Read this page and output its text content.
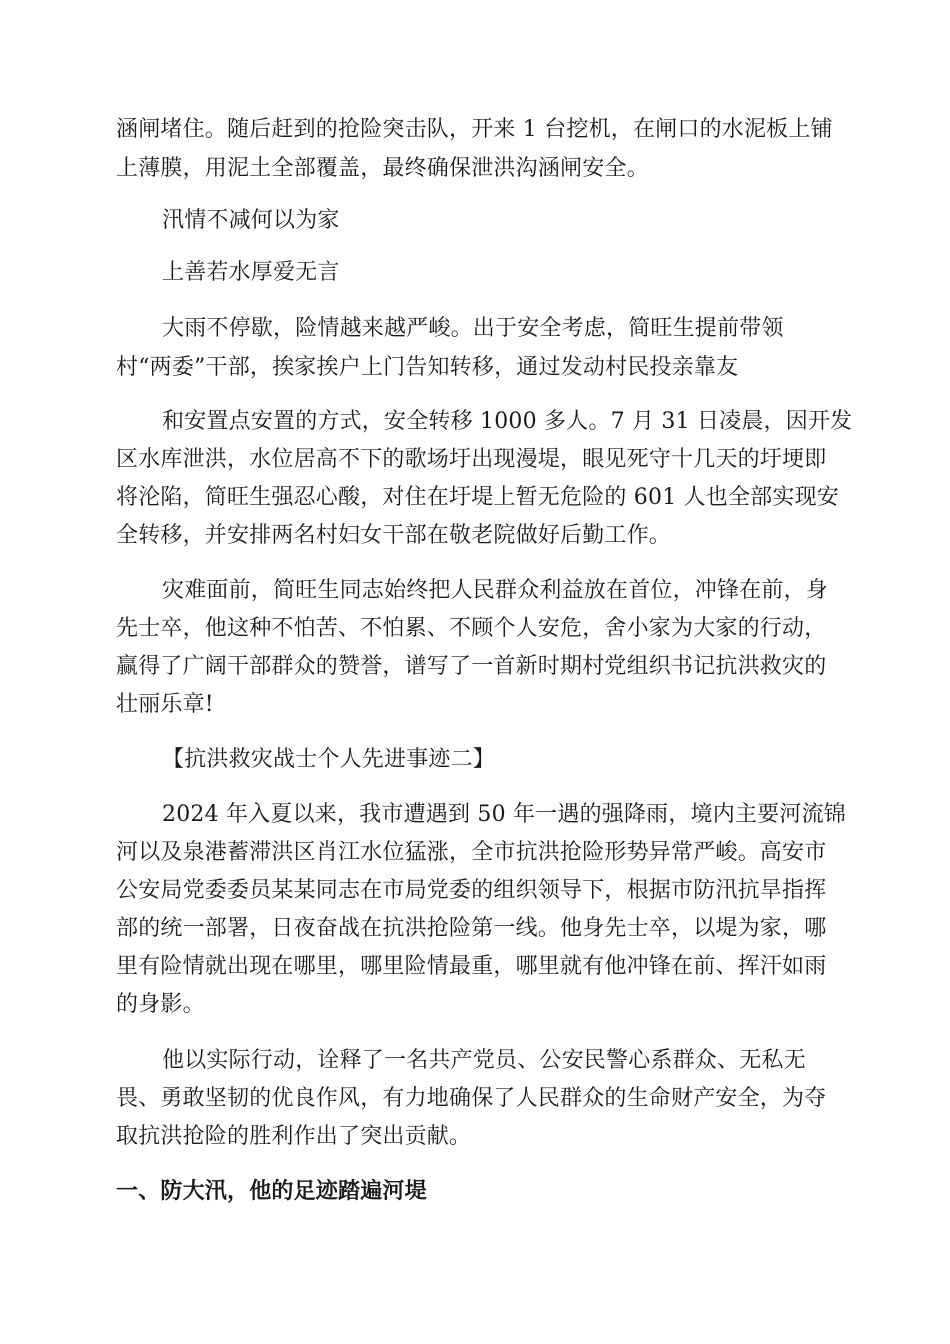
涵闸堵住。随后赶到的抢险突击队，开来 1 台挖机，在闸口的水泥板上铺
上薄膜，用泥土全部覆盖，最终确保泄洪沟涵闸安全。
汛情不减何以为家
上善若水厚爱无言
大雨不停歇，险情越来越严峻。出于安全考虑，简旺生提前带领
村“两委”干部，挨家挨户上门告知转移，通过发动村民投亲靠友
和安置点安置的方式，安全转移 1000 多人。7 月 31 日凌晨，因开发
区水库泄洪，水位居高不下的歌场圩出现漫堤，眼见死守十几天的圩埂即
将沦陷，简旺生强忍心酸，对住在圩堤上暂无危险的 601 人也全部实现安
全转移，并安排两名村妇女干部在敬老院做好后勤工作。
灾难面前，简旺生同志始终把人民群众利益放在首位，冲锋在前，身
先士卒，他这种不怕苦、不怕累、不顾个人安危，舍小家为大家的行动，
赢得了广阔干部群众的赞誉，谱写了一首新时期村党组织书记抗洪救灾的
壮丽乐章!
【抗洪救灾战士个人先进事迹二】
2024 年入夏以来，我市遭遇到 50 年一遇的强降雨，境内主要河流锦
河以及泉港蓄滞洪区肖江水位猛涨，全市抗洪抢险形势异常严峻。高安市
公安局党委委员某某同志在市局党委的组织领导下，根据市防汛抗旱指挥
部的统一部署，日夜奋战在抗洪抢险第一线。他身先士卒，以堤为家，哪
里有险情就出现在哪里，哪里险情最重，哪里就有他冲锋在前、挥汗如雨
的身影。
他以实际行动，诠释了一名共产党员、公安民警心系群众、无私无
畏、勇敢坚韧的优良作风，有力地确保了人民群众的生命财产安全，为夺
取抗洪抢险的胜利作出了突出贡献。
一、防大汛，他的足迹踏遍河堤
